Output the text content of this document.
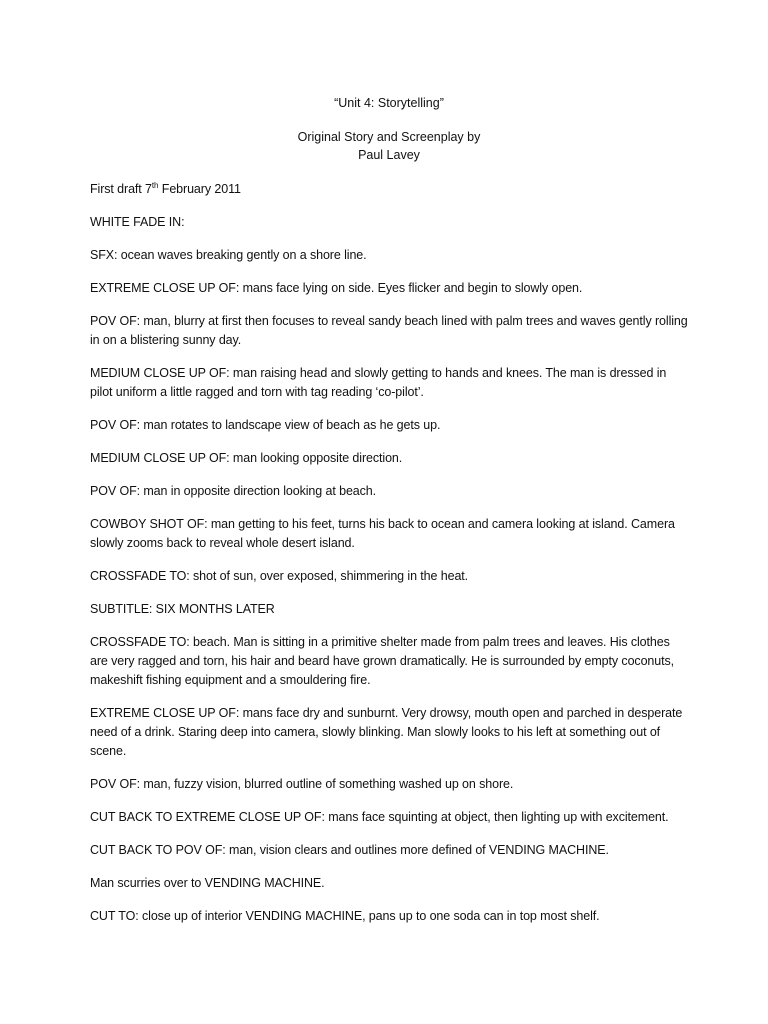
“Unit 4: Storytelling”

Original Story and Screenplay by

Paul Lavey

First draft 7th February 2011

WHITE FADE IN:

SFX: ocean waves breaking gently on a shore line.

EXTREME CLOSE UP OF: mans face lying on side. Eyes flicker and begin to slowly open.

POV OF: man, blurry at first then focuses to reveal sandy beach lined with palm trees and waves gently rolling in on a blistering sunny day.

MEDIUM CLOSE UP OF: man raising head and slowly getting to hands and knees. The man is dressed in pilot uniform a little ragged and torn with tag reading ‘co-pilot’.

POV OF: man rotates to landscape view of beach as he gets up.

MEDIUM CLOSE UP OF: man looking opposite direction.

POV OF: man in opposite direction looking at beach.

COWBOY SHOT OF: man getting to his feet, turns his back to ocean and camera looking at island. Camera slowly zooms back to reveal whole desert island.

CROSSFADE TO: shot of sun, over exposed, shimmering in the heat.

SUBTITLE: SIX MONTHS LATER

CROSSFADE TO: beach. Man is sitting in a primitive shelter made from palm trees and leaves. His clothes are very ragged and torn, his hair and beard have grown dramatically. He is surrounded by empty coconuts, makeshift fishing equipment and a smouldering fire.

EXTREME CLOSE UP OF: mans face dry and sunburnt. Very drowsy, mouth open and parched in desperate need of a drink. Staring deep into camera, slowly blinking. Man slowly looks to his left at something out of scene.

POV OF: man, fuzzy vision, blurred outline of something washed up on shore.

CUT BACK TO EXTREME CLOSE UP OF: mans face squinting at object, then lighting up with excitement.

CUT BACK TO POV OF: man, vision clears and outlines more defined of VENDING MACHINE.

Man scurries over to VENDING MACHINE.

CUT TO: close up of interior VENDING MACHINE, pans up to one soda can in top most shelf.
